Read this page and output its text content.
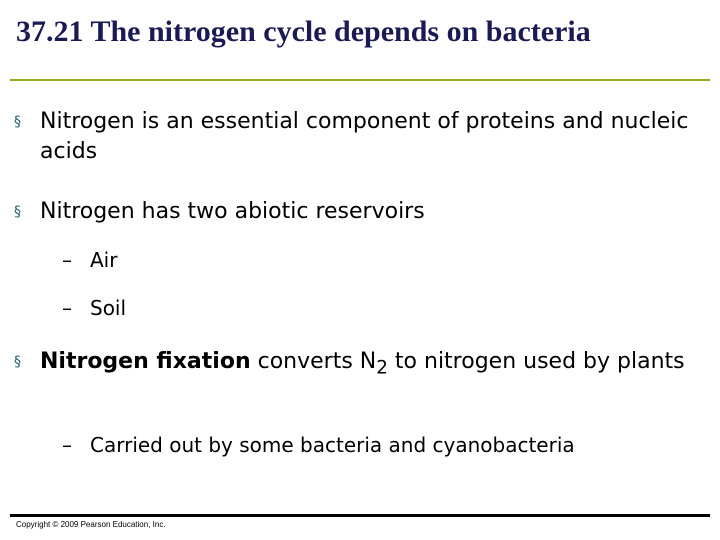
37.21 The nitrogen cycle depends on bacteria
§ Nitrogen is an essential component of proteins and nucleic acids
§ Nitrogen has two abiotic reservoirs
– Air
– Soil
§ Nitrogen fixation converts $N_2$ to nitrogen used by plants
– Carried out by some bacteria and cyanobacteria
Copyright © 2009 Pearson Education, Inc.
